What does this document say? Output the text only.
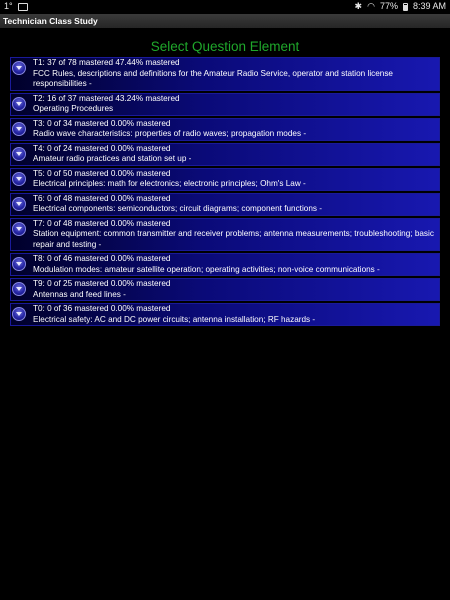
1°	✱ ◠ 77% 8:39 AM
Technician Class Study
Select Question Element
T1: 37 of 78 mastered 47.44% mastered
FCC Rules, descriptions and definitions for the Amateur Radio Service, operator and station license responsibilities -
T2: 16 of 37 mastered 43.24% mastered
Operating Procedures
T3: 0 of 34 mastered 0.00% mastered
Radio wave characteristics: properties of radio waves; propagation modes -
T4: 0 of 24 mastered 0.00% mastered
Amateur radio practices and station set up -
T5: 0 of 50 mastered 0.00% mastered
Electrical principles: math for electronics; electronic principles; Ohm's Law -
T6: 0 of 48 mastered 0.00% mastered
Electrical components: semiconductors; circuit diagrams; component functions -
T7: 0 of 48 mastered 0.00% mastered
Station equipment: common transmitter and receiver problems; antenna measurements; troubleshooting; basic repair and testing -
T8: 0 of 46 mastered 0.00% mastered
Modulation modes: amateur satellite operation; operating activities; non-voice communications -
T9: 0 of 25 mastered 0.00% mastered
Antennas and feed lines -
T0: 0 of 36 mastered 0.00% mastered
Electrical safety: AC and DC power circuits; antenna installation; RF hazards -
